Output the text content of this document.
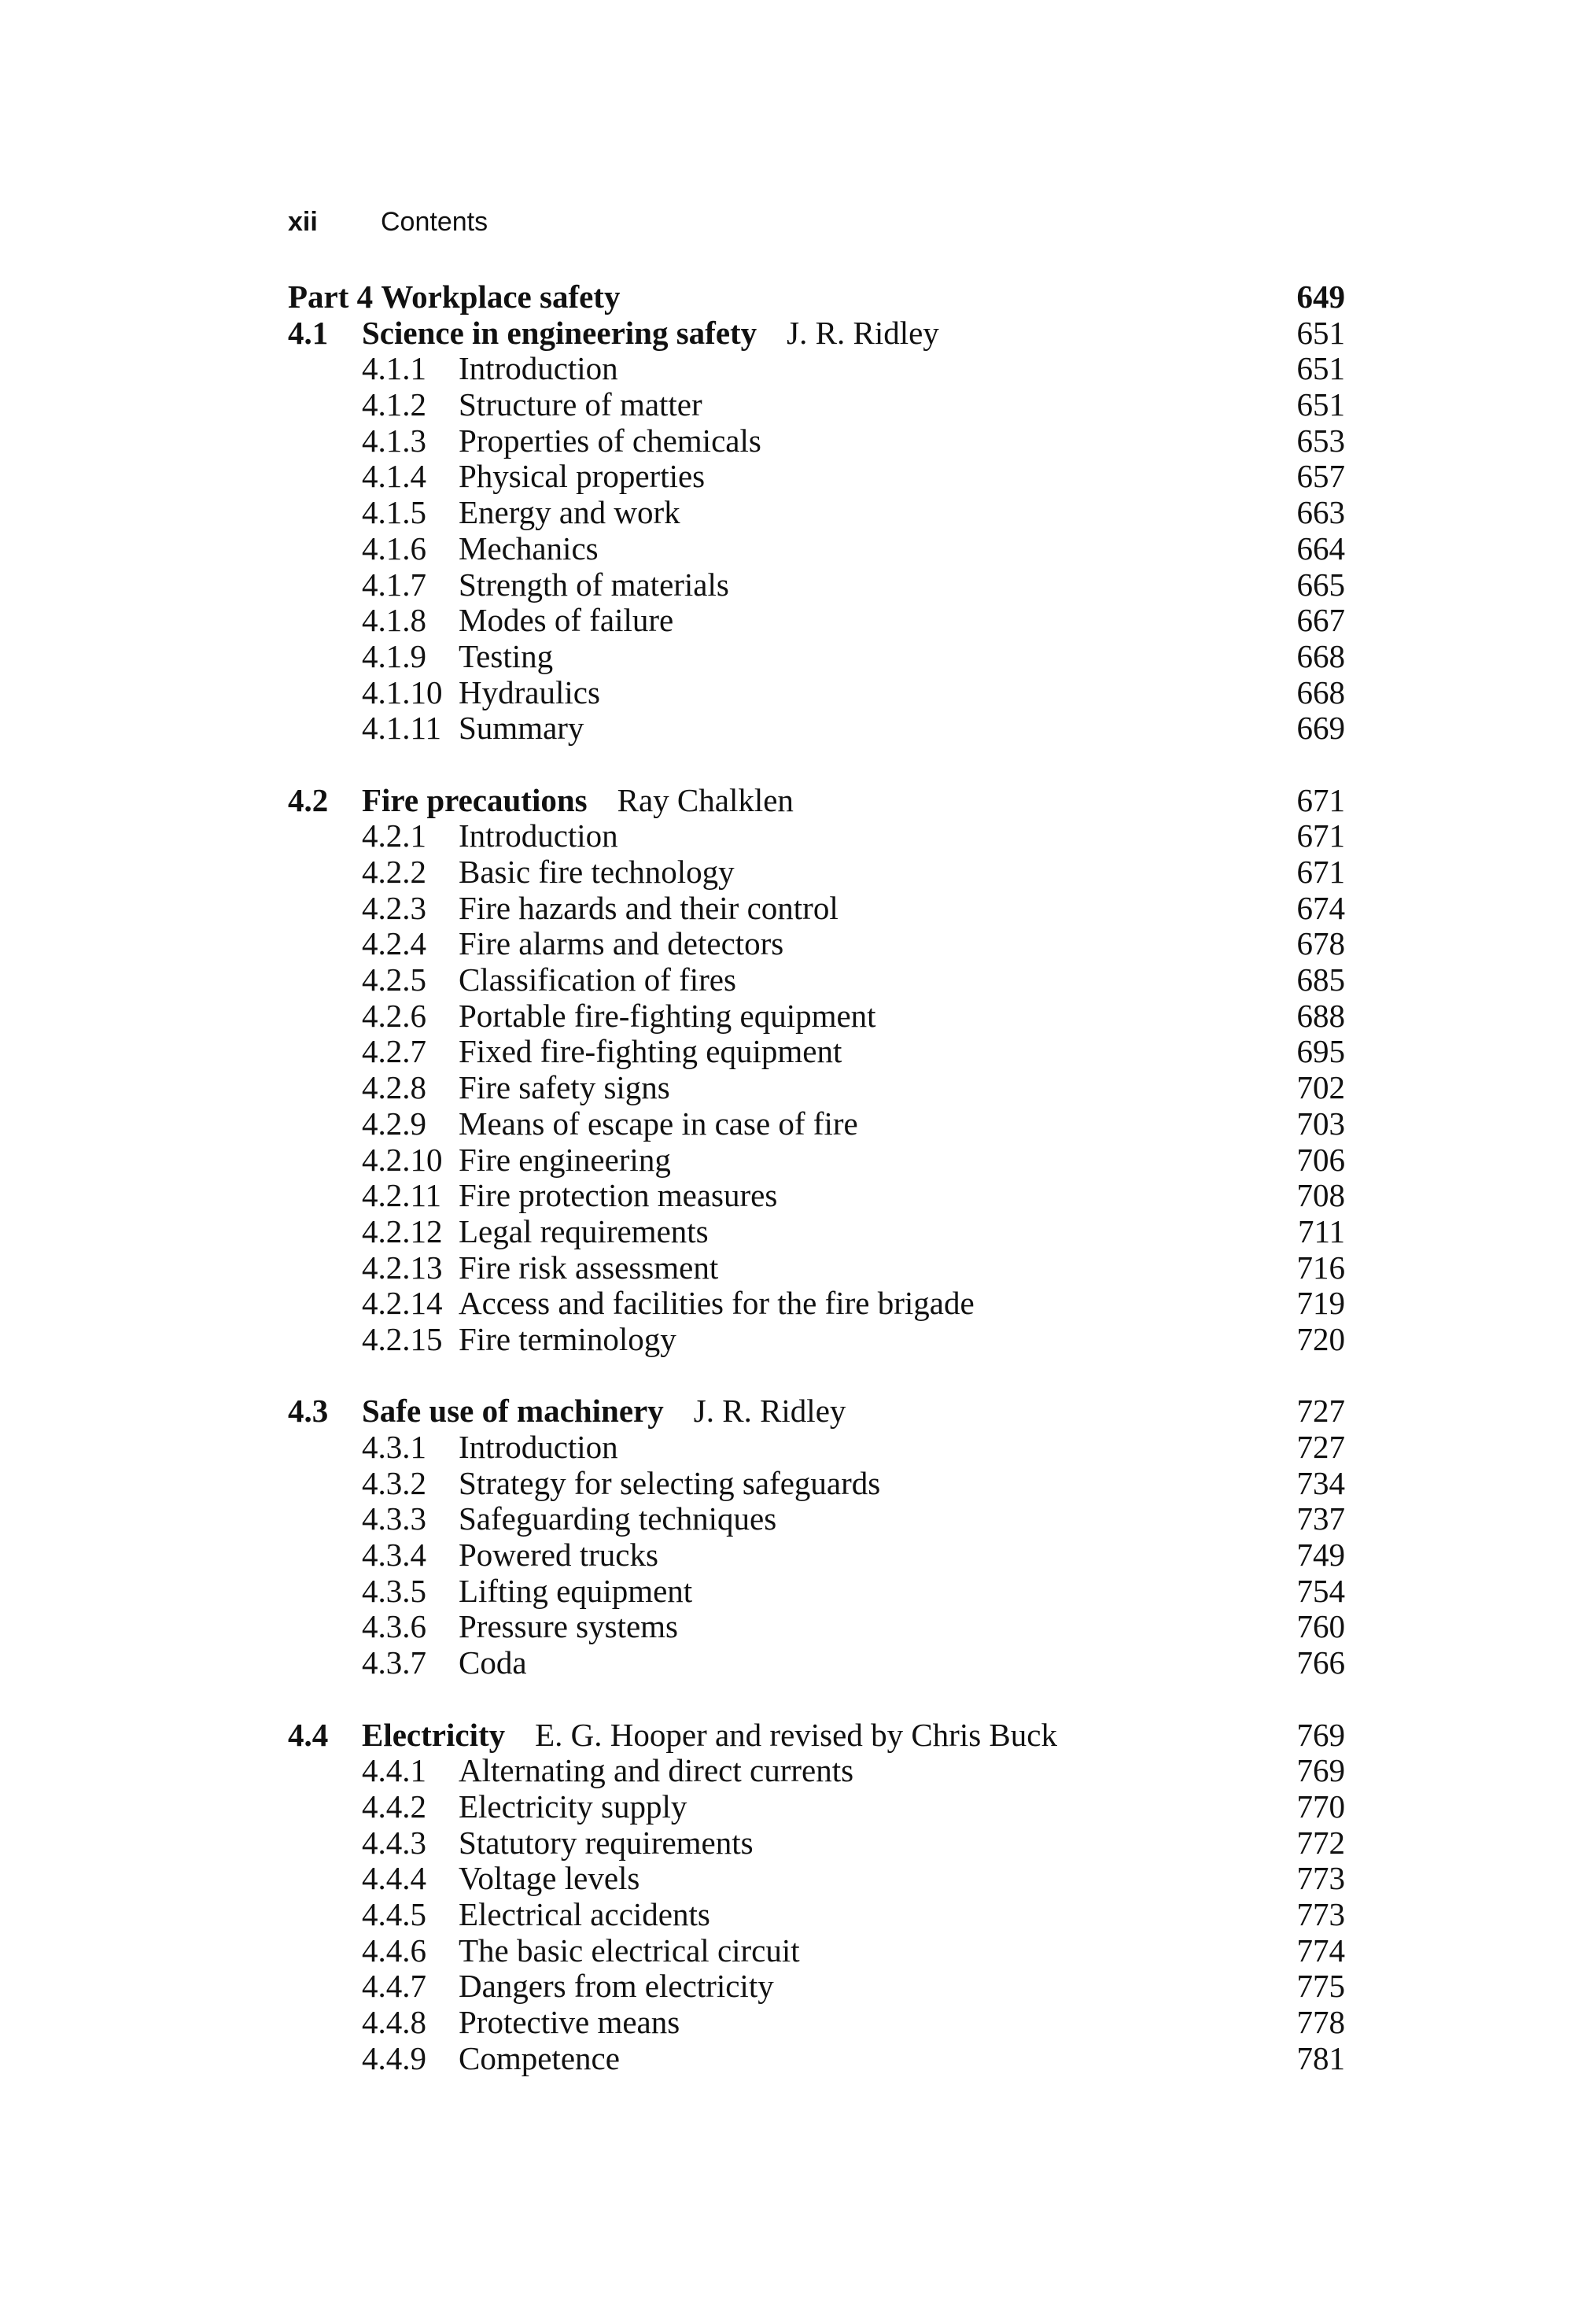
xii	Contents
Part 4 Workplace safety	649
4.1 Science in engineering safety J. R. Ridley	651
4.1.1 Introduction	651
4.1.2 Structure of matter	651
4.1.3 Properties of chemicals	653
4.1.4 Physical properties	657
4.1.5 Energy and work	663
4.1.6 Mechanics	664
4.1.7 Strength of materials	665
4.1.8 Modes of failure	667
4.1.9 Testing	668
4.1.10 Hydraulics	668
4.1.11 Summary	669
4.2 Fire precautions Ray Chalklen	671
4.2.1 Introduction	671
4.2.2 Basic fire technology	671
4.2.3 Fire hazards and their control	674
4.2.4 Fire alarms and detectors	678
4.2.5 Classification of fires	685
4.2.6 Portable fire-fighting equipment	688
4.2.7 Fixed fire-fighting equipment	695
4.2.8 Fire safety signs	702
4.2.9 Means of escape in case of fire	703
4.2.10 Fire engineering	706
4.2.11 Fire protection measures	708
4.2.12 Legal requirements	711
4.2.13 Fire risk assessment	716
4.2.14 Access and facilities for the fire brigade	719
4.2.15 Fire terminology	720
4.3 Safe use of machinery J. R. Ridley	727
4.3.1 Introduction	727
4.3.2 Strategy for selecting safeguards	734
4.3.3 Safeguarding techniques	737
4.3.4 Powered trucks	749
4.3.5 Lifting equipment	754
4.3.6 Pressure systems	760
4.3.7 Coda	766
4.4 Electricity E. G. Hooper and revised by Chris Buck	769
4.4.1 Alternating and direct currents	769
4.4.2 Electricity supply	770
4.4.3 Statutory requirements	772
4.4.4 Voltage levels	773
4.4.5 Electrical accidents	773
4.4.6 The basic electrical circuit	774
4.4.7 Dangers from electricity	775
4.4.8 Protective means	778
4.4.9 Competence	781
